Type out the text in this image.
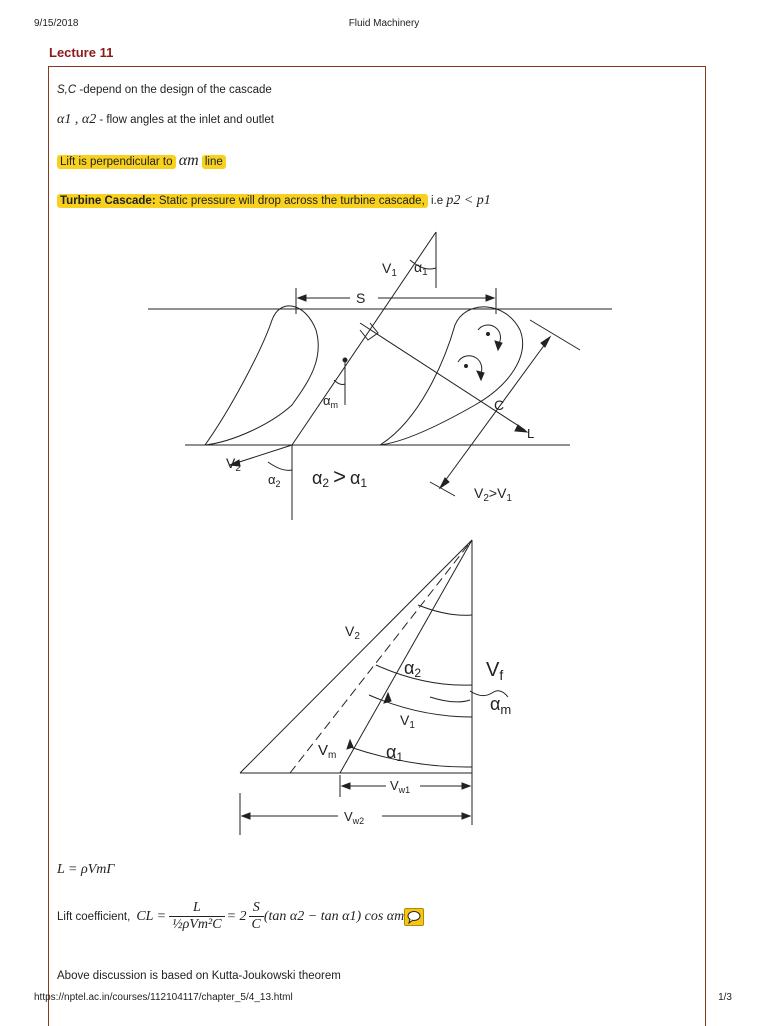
9/15/2018	Fluid Machinery
Lecture 11
S,C -depend on the design of the cascade
α1 , α2 - flow angles at the inlet and outlet
Lift is perpendicular to αm line
Turbine Cascade: Static pressure will drop across the turbine cascade, i.e p2 < p1
$V_1$ $\alpha_1$
S
$\alpha_m$	C
L
$V_2$
$\alpha_2$ α2 > α1
$V_2>V_1$
$V_2$
α2	$V_f$
$\alpha_m$
$V_1$
$V_m$	α1
$V_{w1}$
$V_{w2}$
L = ρVmΓ
Lift coefficient, CL = $\frac{L}{\text{½ρVm²C}} = 2 \frac{S}{C} (\tan$ α2 − tan α1) cos αm
Above discussion is based on Kutta-Joukowski theorem
https://nptel.ac.in/courses/112104117/chapter_5/4_13.html	1/3
